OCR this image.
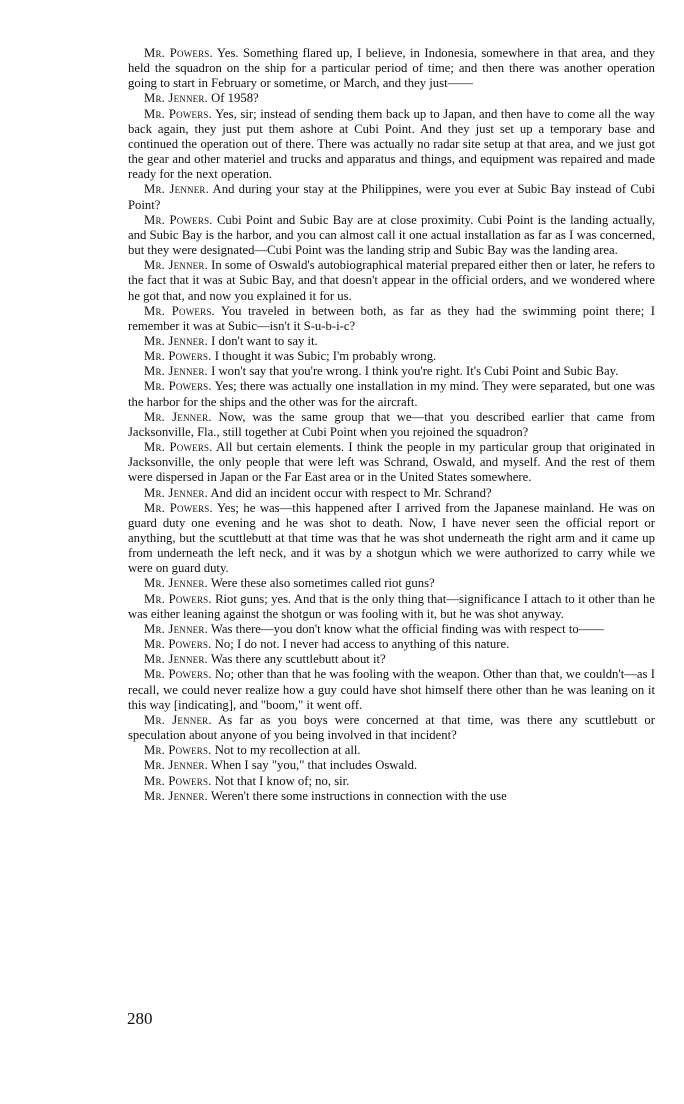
Mr. Powers. Yes. Something flared up, I believe, in Indonesia, somewhere in that area, and they held the squadron on the ship for a particular period of time; and then there was another operation going to start in February or sometime, or March, and they just——

Mr. Jenner. Of 1958?

Mr. Powers. Yes, sir; instead of sending them back up to Japan, and then have to come all the way back again, they just put them ashore at Cubi Point. And they just set up a temporary base and continued the operation out of there. There was actually no radar site setup at that area, and we just got the gear and other materiel and trucks and apparatus and things, and equipment was repaired and made ready for the next operation.

Mr. Jenner. And during your stay at the Philippines, were you ever at Subic Bay instead of Cubi Point?

Mr. Powers. Cubi Point and Subic Bay are at close proximity. Cubi Point is the landing actually, and Subic Bay is the harbor, and you can almost call it one actual installation as far as I was concerned, but they were designated—Cubi Point was the landing strip and Subic Bay was the landing area.

Mr. Jenner. In some of Oswald's autobiographical material prepared either then or later, he refers to the fact that it was at Subic Bay, and that doesn't appear in the official orders, and we wondered where he got that, and now you explained it for us.

Mr. Powers. You traveled in between both, as far as they had the swimming point there; I remember it was at Subic—isn't it S-u-b-i-c?

Mr. Jenner. I don't want to say it.

Mr. Powers. I thought it was Subic; I'm probably wrong.

Mr. Jenner. I won't say that you're wrong. I think you're right. It's Cubi Point and Subic Bay.

Mr. Powers. Yes; there was actually one installation in my mind. They were separated, but one was the harbor for the ships and the other was for the aircraft.

Mr. Jenner. Now, was the same group that we—that you described earlier that came from Jacksonville, Fla., still together at Cubi Point when you rejoined the squadron?

Mr. Powers. All but certain elements. I think the people in my particular group that originated in Jacksonville, the only people that were left was Schrand, Oswald, and myself. And the rest of them were dispersed in Japan or the Far East area or in the United States somewhere.

Mr. Jenner. And did an incident occur with respect to Mr. Schrand?

Mr. Powers. Yes; he was—this happened after I arrived from the Japanese mainland. He was on guard duty one evening and he was shot to death. Now, I have never seen the official report or anything, but the scuttlebutt at that time was that he was shot underneath the right arm and it came up from underneath the left neck, and it was by a shotgun which we were authorized to carry while we were on guard duty.

Mr. Jenner. Were these also sometimes called riot guns?

Mr. Powers. Riot guns; yes. And that is the only thing that—significance I attach to it other than he was either leaning against the shotgun or was fooling with it, but he was shot anyway.

Mr. Jenner. Was there—you don't know what the official finding was with respect to——

Mr. Powers. No; I do not. I never had access to anything of this nature.

Mr. Jenner. Was there any scuttlebutt about it?

Mr. Powers. No; other than that he was fooling with the weapon. Other than that, we couldn't—as I recall, we could never realize how a guy could have shot himself there other than he was leaning on it this way [indicating], and "boom," it went off.

Mr. Jenner. As far as you boys were concerned at that time, was there any scuttlebutt or speculation about anyone of you being involved in that incident?

Mr. Powers. Not to my recollection at all.

Mr. Jenner. When I say "you," that includes Oswald.

Mr. Powers. Not that I know of; no, sir.

Mr. Jenner. Weren't there some instructions in connection with the use

280
